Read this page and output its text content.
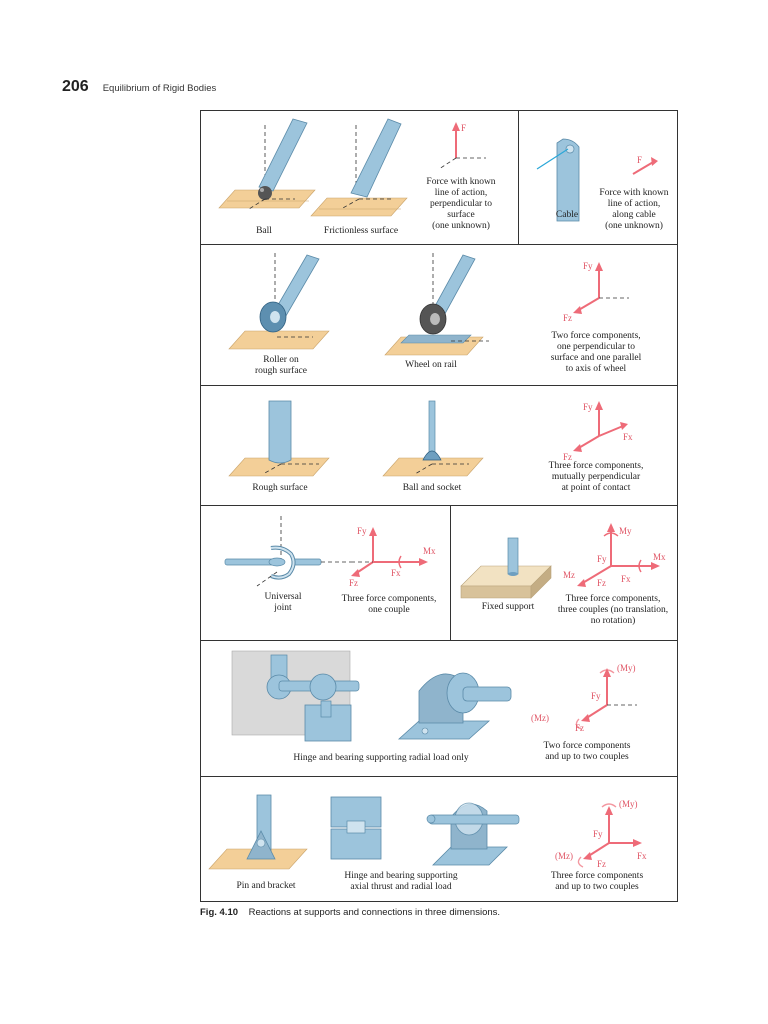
206 Equilibrium of Rigid Bodies
F
F
Ball	Frictionless surface
Force with known
line of action,
perpendicular to
surface
(one unknown)
Cable
Force with known
line of action,
along cable
(one unknown)
Fy
Fz
Roller on
rough surface
Wheel on rail
Two force components,
one perpendicular to
surface and one parallel
to axis of wheel
Fy
Fx
Fz
Rough surface	Ball and socket
Three force components,
mutually perpendicular
at point of contact
Fy
Mx
Fx
Fz
My
Fy	Mx
Fx
Mz
Fz
Universal
joint
Three force components,
one couple	Fixed support
Three force components,
three couples (no translation,
no rotation)
(My)
Fy
(Mz)
Fz
Hinge and bearing supporting radial load only
Two force components
and up to two couples
(My)
Fy
Fx
(Mz)
Fz
Pin and bracket
Hinge and bearing supporting
axial thrust and radial load
Three force components
and up to two couples
Fig. 4.10 Reactions at supports and connections in three dimensions.
